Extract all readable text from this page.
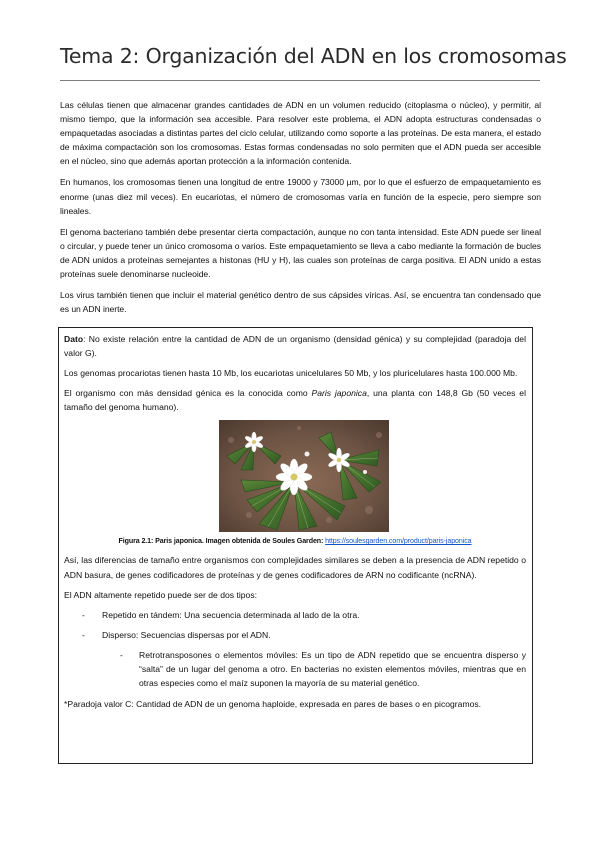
Tema 2: Organización del ADN en los cromosomas

Las células tienen que almacenar grandes cantidades de ADN en un volumen reducido (citoplasma o núcleo), y permitir, al mismo tiempo, que la información sea accesible. Para resolver este problema, el ADN adopta estructuras condensadas o empaquetadas asociadas a distintas partes del ciclo celular, utilizando como soporte a las proteínas. De esta manera, el estado de máxima compactación son los cromosomas. Estas formas condensadas no solo permiten que el ADN pueda ser accesible en el núcleo, sino que además aportan protección a la información contenida.

En humanos, los cromosomas tienen una longitud de entre 19000 y 73000 µm, por lo que el esfuerzo de empaquetamiento es enorme (unas diez mil veces). En eucariotas, el número de cromosomas varía en función de la especie, pero siempre son lineales.

El genoma bacteriano también debe presentar cierta compactación, aunque no con tanta intensidad. Este ADN puede ser lineal o circular, y puede tener un único cromosoma o varios. Este empaquetamiento se lleva a cabo mediante la formación de bucles de ADN unidos a proteínas semejantes a histonas (HU y H), las cuales son proteínas de carga positiva. El ADN unido a estas proteínas suele denominarse nucleoide.

Los virus también tienen que incluir el material genético dentro de sus cápsides víricas. Así, se encuentra tan condensado que es un ADN inerte.

Dato: No existe relación entre la cantidad de ADN de un organismo (densidad génica) y su complejidad (paradoja del valor G).

Los genomas procariotas tienen hasta 10 Mb, los eucariotas unicelulares 50 Mb, y los pluricelulares hasta 100.000 Mb.

El organismo con más densidad génica es la conocida como Paris japonica, una planta con 148,8 Gb (50 veces el tamaño del genoma humano).

Figura 2.1: Paris japonica. Imagen obtenida de Soules Garden: https://soulesgarden.com/product/paris-japonica

Así, las diferencias de tamaño entre organismos con complejidades similares se deben a la presencia de ADN repetido o ADN basura, de genes codificadores de proteínas y de genes codificadores de ARN no codificante (ncRNA).

El ADN altamente repetido puede ser de dos tipos:

- Repetido en tándem: Una secuencia determinada al lado de la otra.
- Disperso: Secuencias dispersas por el ADN.
- Retrotransposones o elementos móviles: Es un tipo de ADN repetido que se encuentra disperso y “salta” de un lugar del genoma a otro. En bacterias no existen elementos móviles, mientras que en otras especies como el maíz suponen la mayoría de su material genético.

*Paradoja valor C: Cantidad de ADN de un genoma haploide, expresada en pares de bases o en picogramos.
